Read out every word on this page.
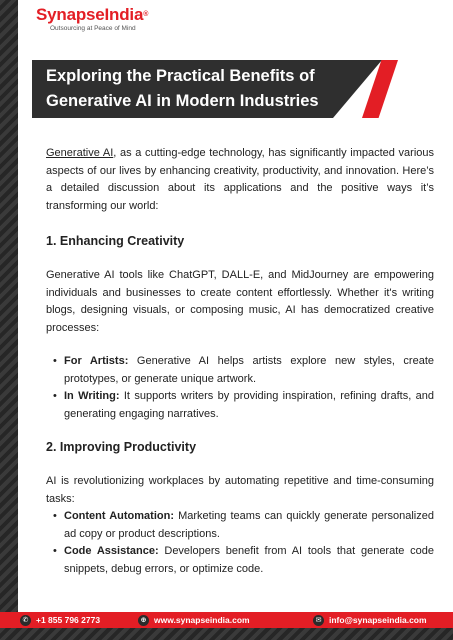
SynapseIndia®
Outsourcing at Peace of Mind
Exploring the Practical Benefits of Generative AI in Modern Industries

Generative AI, as a cutting-edge technology, has significantly impacted various aspects of our lives by enhancing creativity, productivity, and innovation. Here’s a detailed discussion about its applications and the positive ways it’s transforming our world:

1. Enhancing Creativity

Generative AI tools like ChatGPT, DALL-E, and MidJourney are empowering individuals and businesses to create content effortlessly. Whether it's writing blogs, designing visuals, or composing music, AI has democratized creative processes:

• For Artists: Generative AI helps artists explore new styles, create prototypes, or generate unique artwork.
• In Writing: It supports writers by providing inspiration, refining drafts, and generating engaging narratives.
2. Improving Productivity

AI is revolutionizing workplaces by automating repetitive and time-consuming tasks:

• Content Automation: Marketing teams can quickly generate personalized ad copy or product descriptions.
• Code Assistance: Developers benefit from AI tools that generate code snippets, debug errors, or optimize code.
✆ +1 855 796 2773	⊕ www.synapseindia.com	✉ info@synapseindia.com
